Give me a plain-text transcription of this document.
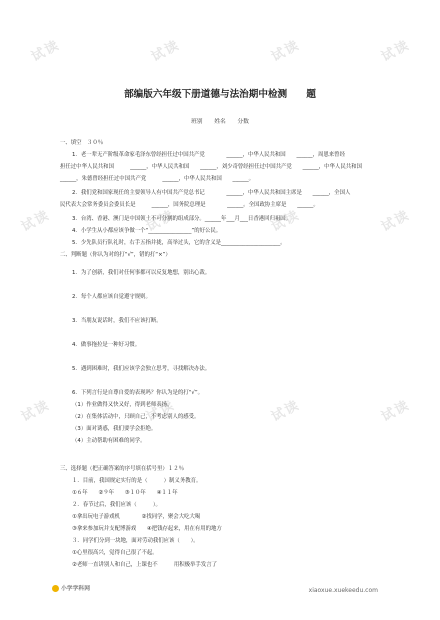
试读	试读	试读	试读
试读	试读	试读	试读
试读	试读	试读	试读
部编版六年级下册道德与法治期中检测　　题
班别　　姓名　　分数
一、填空　３０％
1．老一辈无产阶级革命家毛泽东曾经担任过中国共产党　　　　______，中华人民共和国　　______，周恩来曾经
担任过中华人民共和国　　　______，中华人民共和国　　______，刘少奇曾经担任过中国共产党　　______，中华人民共和国
______，朱德曾经担任过中国共产党　　　______，中华人民共和国　　______。
2．我们党和国家现任的主要领导人有中国共产党总书记　　　　______，中华人民共和国主席是　　______，全国人
民代表大会常务委员会委员长是　　　______，国务院总理是　　　　______。全国政协主席是　　______。
3．台湾、香港、澳门是中国领土不可分割的组成部分。______年___月___日香港回归祖国。
4．小学生从小都应该争做一个“________________”的好公民。
5．少先队员行队礼时，右手五指并拢，高举过头，它的含义是______________________。
二、判断题（你认为对的打“√”，错的打“×”）
1．为了创新，我们对任何事都可以反复地想，别出心裁。
2．每个人都应该自觉遵守规则。
3．当朋友说话时，我们不应该打断。
4．做事拖拉是一种好习惯。
5．遇到困难时，我们应该学会独立思考，寻找解决办法。
6．下列言行是自尊自爱的表现吗？你认为是的打“√”。
（1）作业做得又快又好，得到老师表扬。
（2）在集体活动中，只顾自己，不考虑别人的感受。
（3）面对诱惑，我们要学会拒绝。
（4）主动帮助有困难的同学。
三、选择题（把正确答案的序号填在括号里）１２％
１．目前，我国规定实行的是（　　　）制义务教育。
①６年　　②９年　　③１０年　　④１１年
２．春节过后，我们应该（　　　）。
①拿出玩电子游戏机　　　　②找同学，聚会大吃大喝
③拿来参加玩并支配博游戏　　④把钱存起来，用在有用的地方
３．同学们分到一块地，面对劳动我们应该（　　）。
①心里很高兴，觉得自己很了不起。
②老师一直讲别人和自己，上课也不　　　用积极举手发言了
小学学科网	xiaoxue.xuekeedu.com
